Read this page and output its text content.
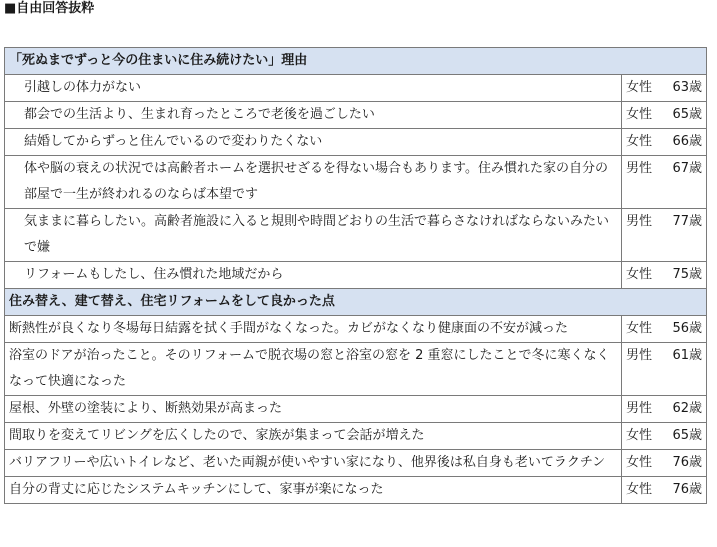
■自由回答抜粋
「死ぬまでずっと今の住まいに住み続けたい」理由	
引越しの体力がない	女性 63歳

都会での生活より、生まれ育ったところで老後を過ごしたい	女性 65歳

結婚してからずっと住んでいるので変わりたくない	女性 66歳

体や脳の衰えの状況では高齢者ホームを選択せざるを得ない場合もあります。住み慣れた家の自分の部屋で一生が終われるのならば本望です	男性 67歳

気ままに暮らしたい。高齢者施設に入ると規則や時間どおりの生活で暮らさなければならないみたいで嫌	男性 77歳

リフォームもしたし、住み慣れた地域だから	女性 75歳

住み替え、建て替え、住宅リフォームをして良かった点	
断熱性が良くなり冬場毎日結露を拭く手間がなくなった。カビがなくなり健康面の不安が減った	女性 56歳

浴室のドアが治ったこと。そのリフォームで脱衣場の窓と浴室の窓を 2 重窓にしたことで冬に寒くなくなって快適になった	男性 61歳

屋根、外壁の塗装により、断熱効果が高まった	男性 62歳

間取りを変えてリビングを広くしたので、家族が集まって会話が増えた	女性 65歳

バリアフリーや広いトイレなど、老いた両親が使いやすい家になり、他界後は私自身も老いてラクチン	女性 76歳

自分の背丈に応じたシステムキッチンにして、家事が楽になった	女性 76歳
